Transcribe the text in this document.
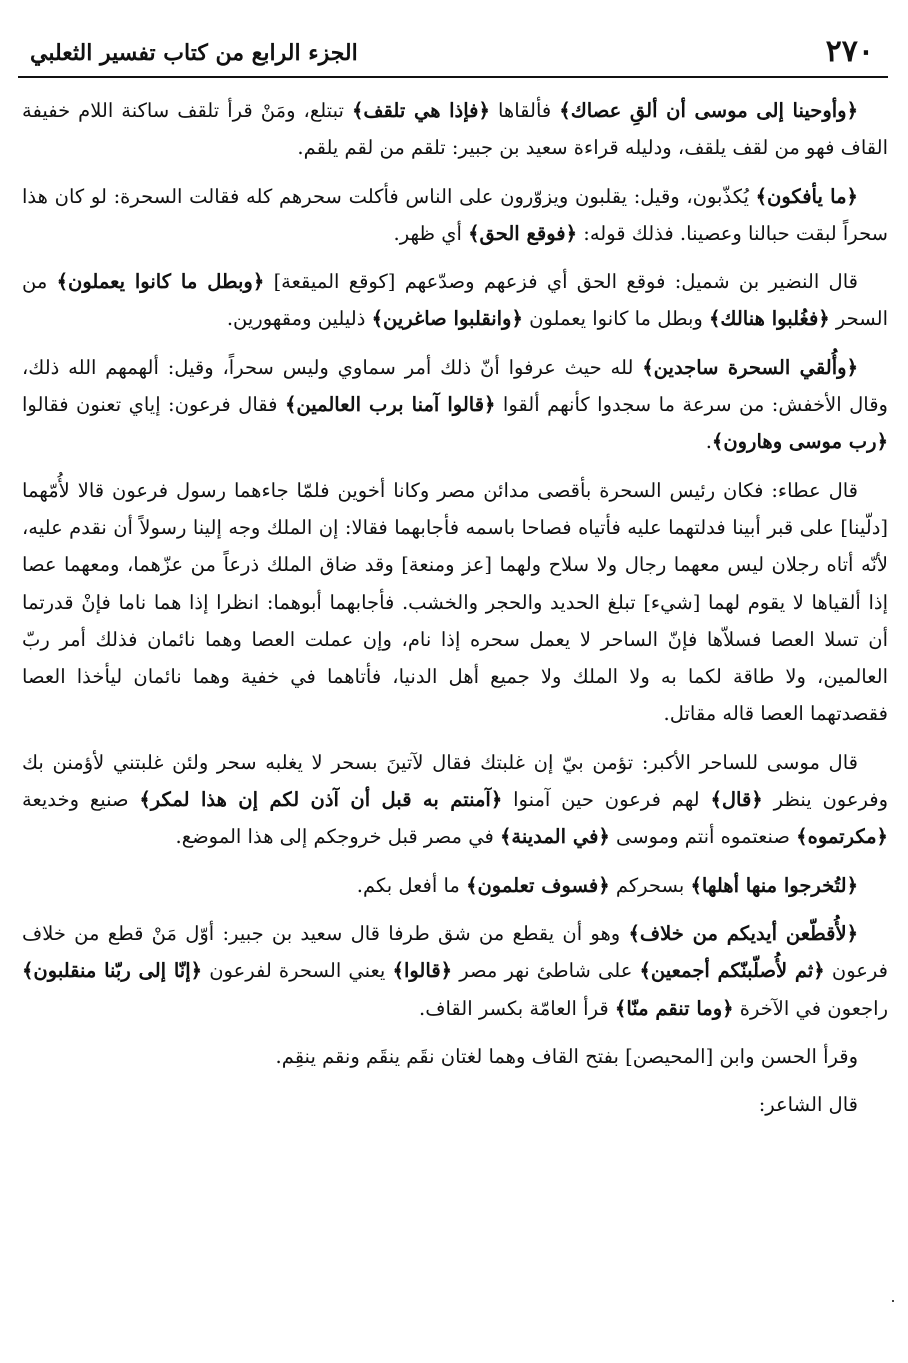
٢٧٠
الجزء الرابع من كتاب تفسير الثعلبي

﴿وأوحينا إلى موسى أن ألقِ عصاك﴾ فألقاها ﴿فإذا هي تلقف﴾ تبتلع، ومَنْ قرأ تلقف ساكنة اللام خفيفة القاف فهو من لقف يلقف، ودليله قراءة سعيد بن جبير: تلقم من لقم يلقم.

﴿ما يأفكون﴾ يُكذّبون، وقيل: يقلبون ويزوّرون على الناس فأكلت سحرهم كله فقالت السحرة: لو كان هذا سحراً لبقت حبالنا وعصينا. فذلك قوله: ﴿فوقع الحق﴾ أي ظهر.

قال النضير بن شميل: فوقع الحق أي فزعهم وصدّعهم [كوقع الميقعة] ﴿وبطل ما كانوا يعملون﴾ من السحر ﴿فغُلبوا هنالك﴾ وبطل ما كانوا يعملون ﴿وانقلبوا صاغرين﴾ ذليلين ومقهورين.

﴿وأُلقي السحرة ساجدين﴾ لله حيث عرفوا أنّ ذلك أمر سماوي وليس سحراً، وقيل: ألهمهم الله ذلك، وقال الأخفش: من سرعة ما سجدوا كأنهم ألقوا ﴿قالوا آمنا برب العالمين﴾ فقال فرعون: إياي تعنون فقالوا ﴿رب موسى وهارون﴾.

قال عطاء: فكان رئيس السحرة بأقصى مدائن مصر وكانا أخوين فلمّا جاءهما رسول فرعون قالا لأُمّهما [دلّينا] على قبر أبينا فدلتهما عليه فأتياه فصاحا باسمه فأجابهما فقالا: إن الملك وجه إلينا رسولاً أن نقدم عليه، لأنّه أتاه رجلان ليس معهما رجال ولا سلاح ولهما [عز ومنعة] وقد ضاق الملك ذرعاً من عزّهما، ومعهما عصا إذا ألقياها لا يقوم لهما [شيء] تبلغ الحديد والحجر والخشب. فأجابهما أبوهما: انظرا إذا هما ناما فإنْ قدرتما أن تسلا العصا فسلاّها فإنّ الساحر لا يعمل سحره إذا نام، وإن عملت العصا وهما نائمان فذلك أمر ربّ العالمين، ولا طاقة لكما به ولا الملك ولا جميع أهل الدنيا، فأتاهما في خفية وهما نائمان ليأخذا العصا فقصدتهما العصا قاله مقاتل.

قال موسى للساحر الأكبر: تؤمن بيّ إن غلبتك فقال لآتينَ بسحر لا يغلبه سحر ولئن غلبتني لأؤمنن بك وفرعون ينظر ﴿قال﴾ لهم فرعون حين آمنوا ﴿آمنتم به قبل أن آذن لكم إن هذا لمكر﴾ صنيع وخديعة ﴿مكرتموه﴾ صنعتموه أنتم وموسى ﴿في المدينة﴾ في مصر قبل خروجكم إلى هذا الموضع.

﴿لتُخرجوا منها أهلها﴾ بسحركم ﴿فسوف تعلمون﴾ ما أفعل بكم.

﴿لأُقطّعن أيديكم من خلاف﴾ وهو أن يقطع من شق طرفا قال سعيد بن جبير: أوّل مَنْ قطع من خلاف فرعون ﴿ثم لأُصلّبنّكم أجمعين﴾ على شاطئ نهر مصر ﴿قالوا﴾ يعني السحرة لفرعون ﴿إنّا إلى ربّنا منقلبون﴾ راجعون في الآخرة ﴿وما تنقم منّا﴾ قرأ العامّة بكسر القاف.

وقرأ الحسن وابن [المحيصن] بفتح القاف وهما لغتان نقَم ينقَم ونقم ينقِم.

قال الشاعر:
